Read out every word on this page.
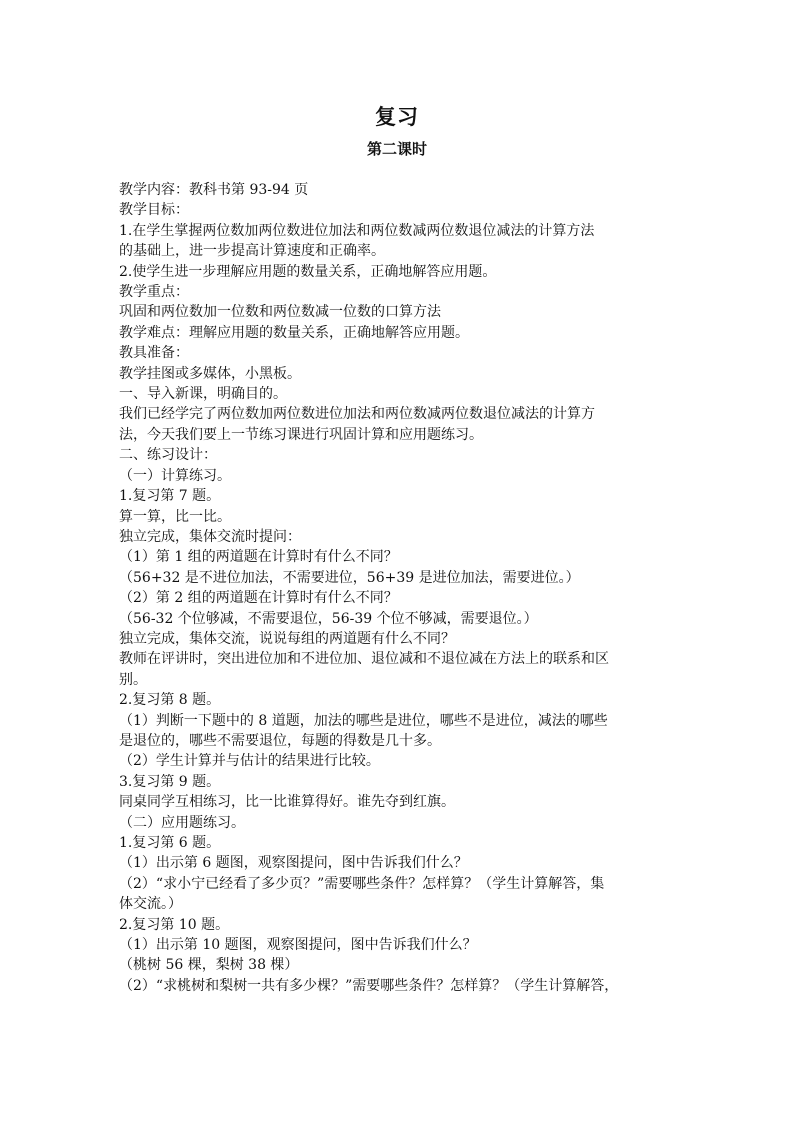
复习
第二课时

教学内容：教科书第 93-94 页

教学目标：

1.在学生掌握两位数加两位数进位加法和两位数减两位数退位减法的计算方法

的基础上，进一步提高计算速度和正确率。

2.使学生进一步理解应用题的数量关系，正确地解答应用题。

教学重点：

巩固和两位数加一位数和两位数减一位数的口算方法

教学难点：理解应用题的数量关系，正确地解答应用题。

教具准备：

教学挂图或多媒体，小黑板。

一、导入新课，明确目的。

我们已经学完了两位数加两位数进位加法和两位数减两位数退位减法的计算方

法，今天我们要上一节练习课进行巩固计算和应用题练习。

二、练习设计：

（一）计算练习。

1.复习第 7 题。

算一算，比一比。

独立完成，集体交流时提问：

（1）第 1 组的两道题在计算时有什么不同？

（56+32 是不进位加法，不需要进位，56+39 是进位加法，需要进位。）

（2）第 2 组的两道题在计算时有什么不同？

（56-32 个位够减，不需要退位，56-39 个位不够减，需要退位。）

独立完成，集体交流，说说每组的两道题有什么不同？

教师在评讲时，突出进位加和不进位加、退位减和不退位减在方法上的联系和区

别。

2.复习第 8 题。

（1）判断一下题中的 8 道题，加法的哪些是进位，哪些不是进位，减法的哪些

是退位的，哪些不需要退位，每题的得数是几十多。

（2）学生计算并与估计的结果进行比较。

3.复习第 9 题。

同桌同学互相练习，比一比谁算得好。谁先夺到红旗。

（二）应用题练习。

1.复习第 6 题。

（1）出示第 6 题图，观察图提问，图中告诉我们什么？

（2）“求小宁已经看了多少页？”需要哪些条件？怎样算？（学生计算解答，集

体交流。）

2.复习第 10 题。

（1）出示第 10 题图，观察图提问，图中告诉我们什么？

（桃树 56 棵，梨树 38 棵）

（2）“求桃树和梨树一共有多少棵？”需要哪些条件？怎样算？（学生计算解答，
